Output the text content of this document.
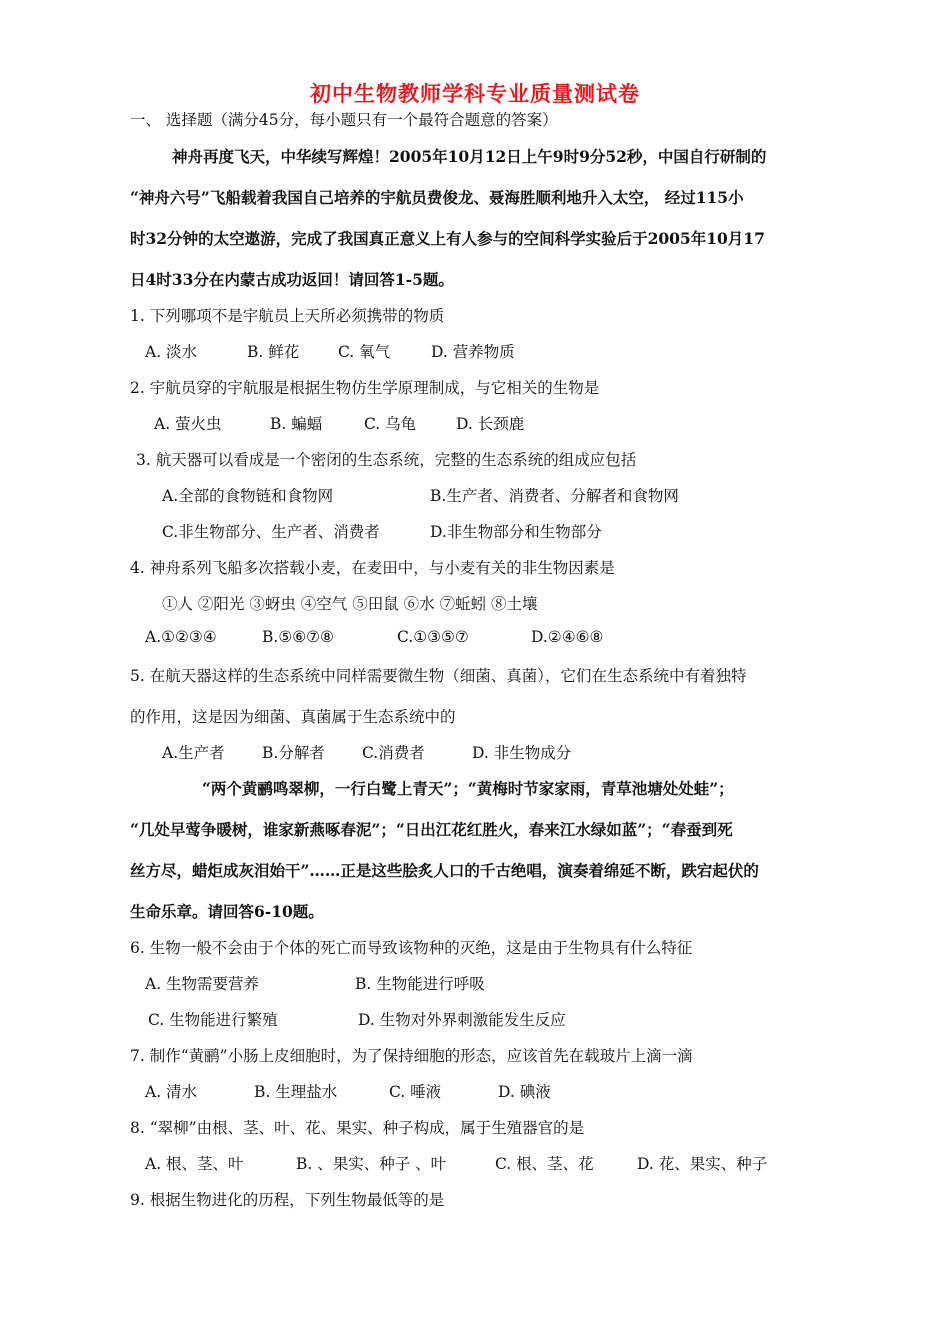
初中生物教师学科专业质量测试卷
一、 选择题（满分45分，每小题只有一个最符合题意的答案）
神舟再度飞天，中华续写辉煌！2005年10月12日上午9时9分52秒，中国自行研制的
“神舟六号”飞船载着我国自己培养的宇航员费俊龙、聂海胜顺利地升入太空， 经过115小
时32分钟的太空遨游，完成了我国真正意义上有人参与的空间科学实验后于2005年10月17
日4时33分在内蒙古成功返回！请回答1-5题。
1. 下列哪项不是宇航员上天所必须携带的物质
A. 淡水	B. 鲜花	C. 氧气	D. 营养物质
2. 宇航员穿的宇航服是根据生物仿生学原理制成，与它相关的生物是
A. 萤火虫	B. 蝙蝠	C. 乌龟	D. 长颈鹿
3. 航天器可以看成是一个密闭的生态系统，完整的生态系统的组成应包括
A.全部的食物链和食物网	B.生产者、消费者、分解者和食物网
C.非生物部分、生产者、消费者	D.非生物部分和生物部分
4. 神舟系列飞船多次搭载小麦，在麦田中，与小麦有关的非生物因素是
①人 ②阳光 ③蚜虫 ④空气 ⑤田鼠 ⑥水 ⑦蚯蚓 ⑧土壤
A.①②③④	B.⑤⑥⑦⑧	C.①③⑤⑦	D.②④⑥⑧
5. 在航天器这样的生态系统中同样需要微生物（细菌、真菌），它们在生态系统中有着独特
的作用，这是因为细菌、真菌属于生态系统中的
A.生产者 B.分解者 C.消费者	D. 非生物成分
“两个黄鹂鸣翠柳，一行白鹭上青天”；“黄梅时节家家雨，青草池塘处处蛙”；
“几处早莺争暖树，谁家新燕啄春泥”；“日出江花红胜火，春来江水绿如蓝”；“春蚕到死
丝方尽，蜡炬成灰泪始干”……正是这些脍炙人口的千古绝唱，演奏着绵延不断，跌宕起伏的
生命乐章。请回答6-10题。
6. 生物一般不会由于个体的死亡而导致该物种的灭绝，这是由于生物具有什么特征
A. 生物需要营养	B. 生物能进行呼吸
C. 生物能进行繁殖	D. 生物对外界刺激能发生反应
7. 制作“黄鹂”小肠上皮细胞时，为了保持细胞的形态，应该首先在载玻片上滴一滴
A. 清水	B. 生理盐水	C. 唾液	D. 碘液
8. “翠柳”由根、茎、叶、花、果实、种子构成，属于生殖器官的是
A. 根、茎、叶	B. 、果实、种子 、叶	C. 根、茎、花	D. 花、果实、种子
9. 根据生物进化的历程，下列生物最低等的是
